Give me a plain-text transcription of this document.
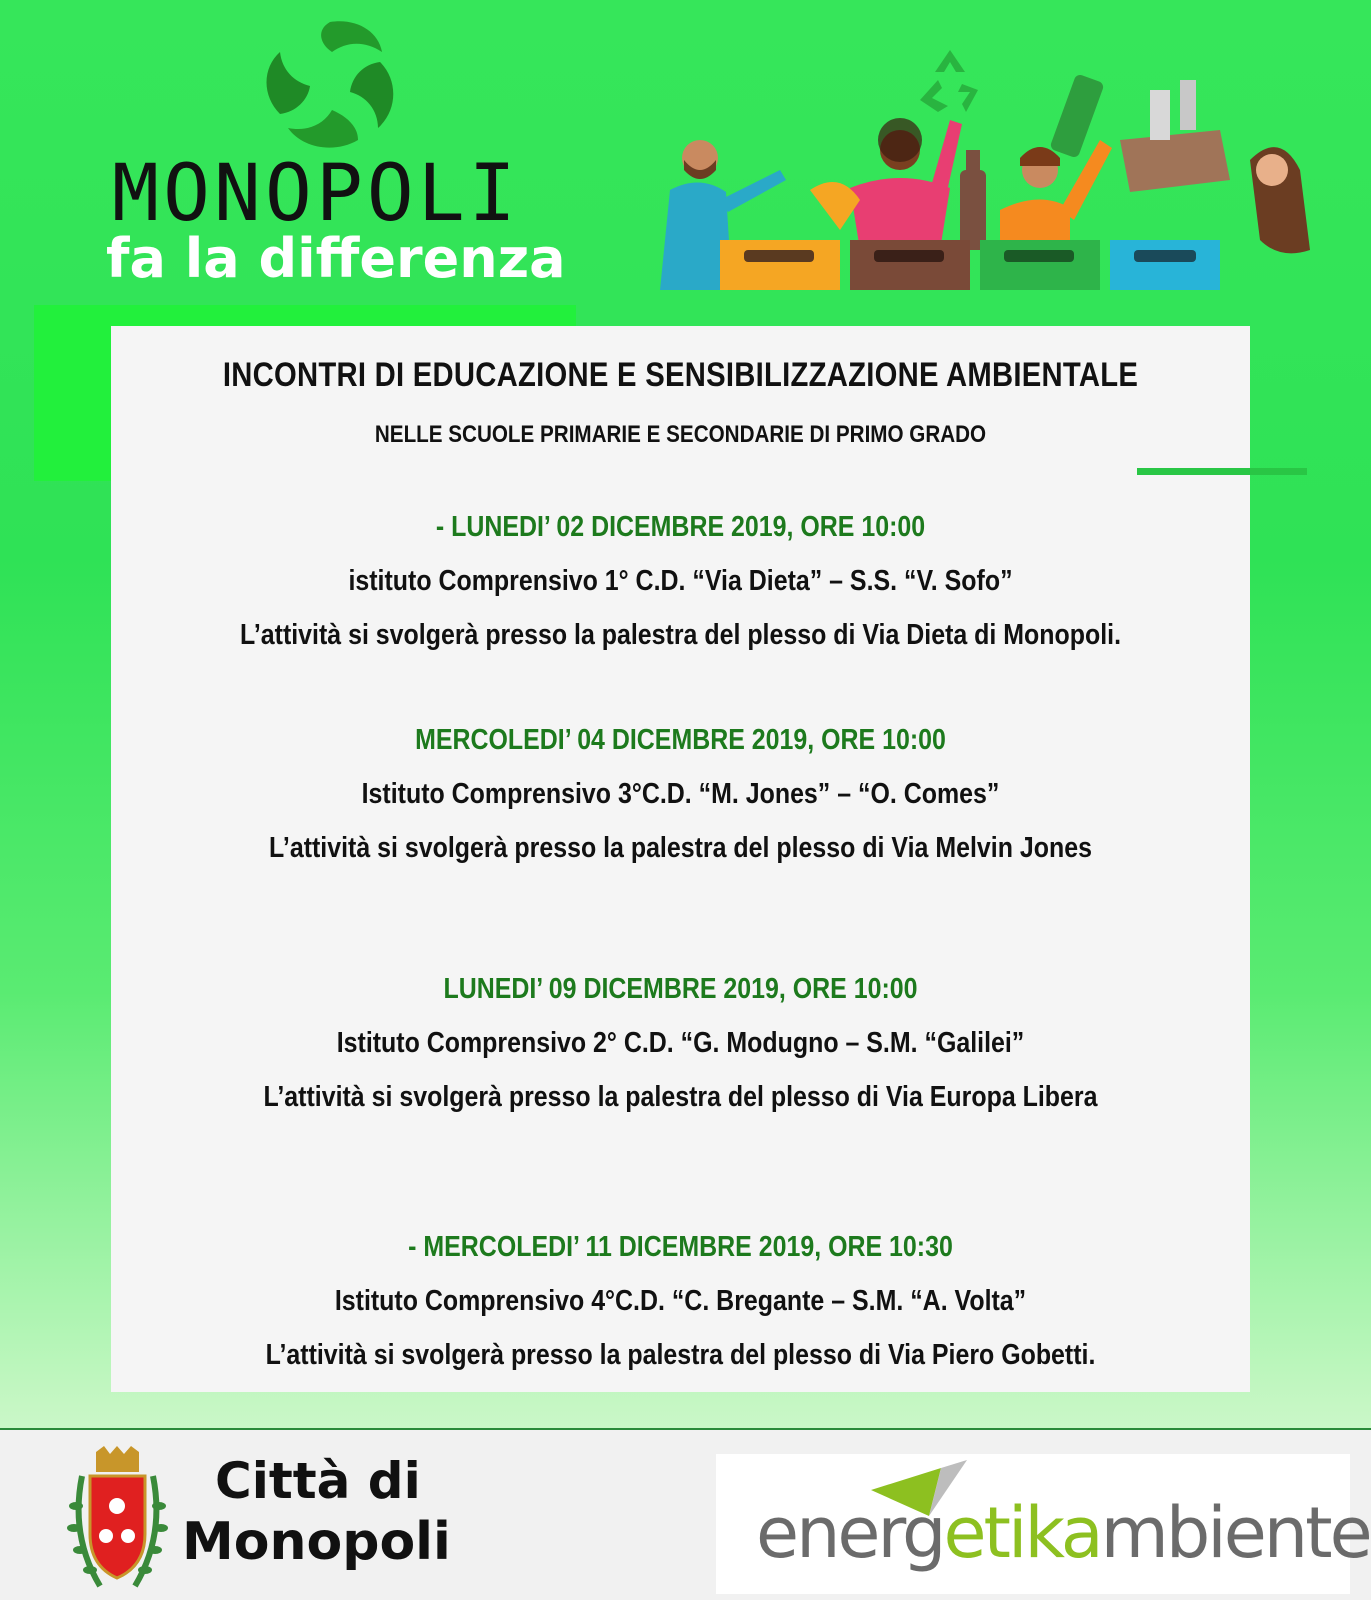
MONOPOLI
fa la differenza
INCONTRI DI EDUCAZIONE E SENSIBILIZZAZIONE AMBIENTALE
NELLE SCUOLE PRIMARIE E SECONDARIE DI PRIMO GRADO
- LUNEDI’ 02 DICEMBRE 2019, ORE 10:00
istituto Comprensivo 1° C.D. “Via Dieta” – S.S. “V. Sofo”
L’attività si svolgerà presso la palestra del plesso di Via Dieta di Monopoli.
MERCOLEDI’ 04 DICEMBRE 2019, ORE 10:00
Istituto Comprensivo 3°C.D. “M. Jones” – “O. Comes”
L’attività si svolgerà presso la palestra del plesso di Via Melvin Jones
LUNEDI’ 09 DICEMBRE 2019, ORE 10:00
Istituto Comprensivo 2° C.D. “G. Modugno – S.M. “Galilei”
L’attività si svolgerà presso la palestra del plesso di Via Europa Libera
- MERCOLEDI’ 11 DICEMBRE 2019, ORE 10:30
Istituto Comprensivo 4°C.D. “C. Bregante – S.M. “A. Volta”
L’attività si svolgerà presso la palestra del plesso di Via Piero Gobetti.
Città di
Monopoli	energetikambiente
